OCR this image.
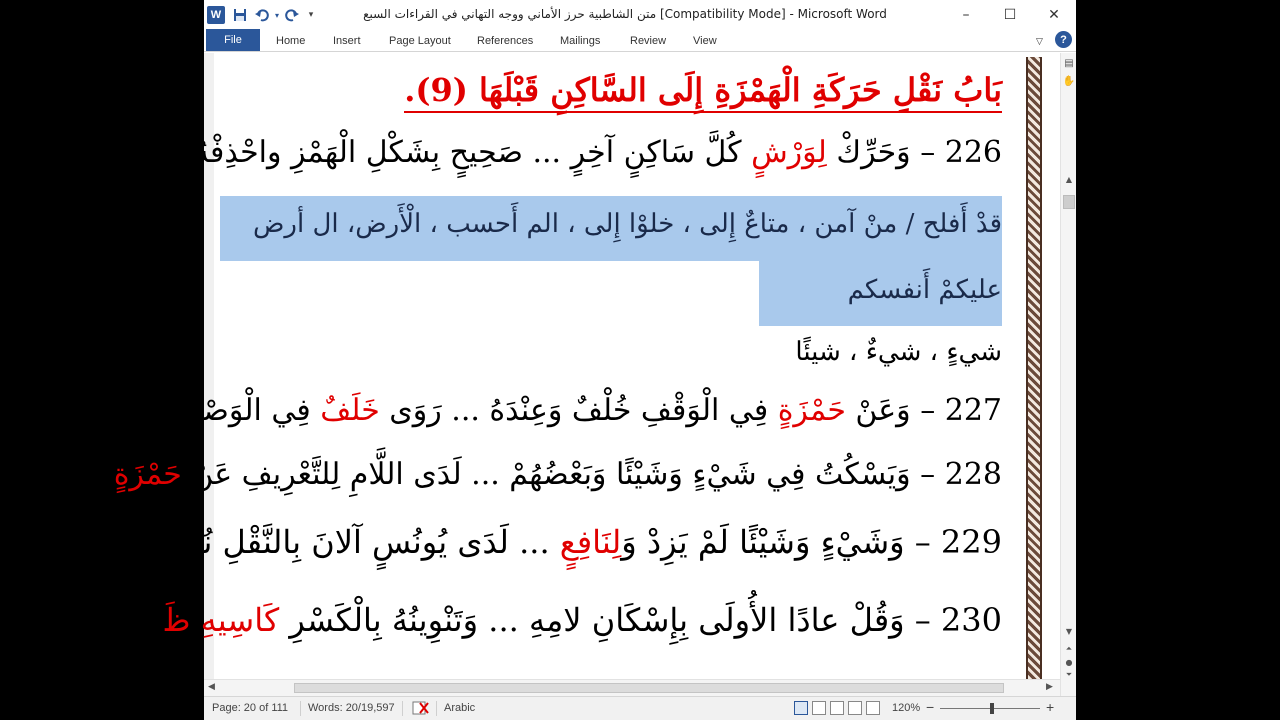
W	▾	▾	متن الشاطبية حرز الأماني ووجه التهاني في القراءات السبع [Compatibility Mode] - Microsoft Word	–	☐	✕
File	Home	Insert	Page Layout References Mailings	Review View	▽	?
بَابُ نَقْلِ حَرَكَةِ الْهَمْزَةِ إِلَى السَّاكِنِ قَبْلَهَا (9).
226 – وَحَرِّكْ لِوَرْشٍ كُلَّ سَاكِنٍ آخِرٍ ... صَحِيحٍ بِشَكْلِ الْهَمْزِ واحْذِفْهُ مُسْهِلاَ
قدْ أَفلح / منْ آمن ، متاعٌ إِلى ، خلوْا إِلى ، الم أَحسب ، الْأَرض، ال أرض
عليكمْ أَنفسكم
شيءٍ ، شيءٌ ، شيئًا
227 – وَعَنْ حَمْزَةٍ فِي الْوَقْفِ خُلْفٌ وَعِنْدَهُ ... رَوَى خَلَفٌ فِي الْوَصْلِ سَكْتًا مُقَلَّلَا
228 – وَيَسْكُتُ فِي شَيْءٍ وَشَيْئًا وَبَعْضُهُمْ ... لَدَى اللَّامِ لِلتَّعْرِيفِ عَنْ حَمْزَةٍ تَلَا
229 – وَشَيْءٍ وَشَيْئًا لَمْ يَزِدْ وَلِنَافِعٍ ... لَدَى يُونُسٍ آلانَ بِالنَّقْلِ نُقِّلَا
230 – وَقُلْ عادًا الأُولَى بِإِسْكَانِ لامِهِ ... وَتَنْوِينُهُ بِالْكَسْرِ كَاسِيهِ ظَلَّلَا
▤
✋
▲
▼
⏶
●
⏷
◀	▶
Page: 20 of 111 Words: 20/19,597	Arabic	120% −	+
